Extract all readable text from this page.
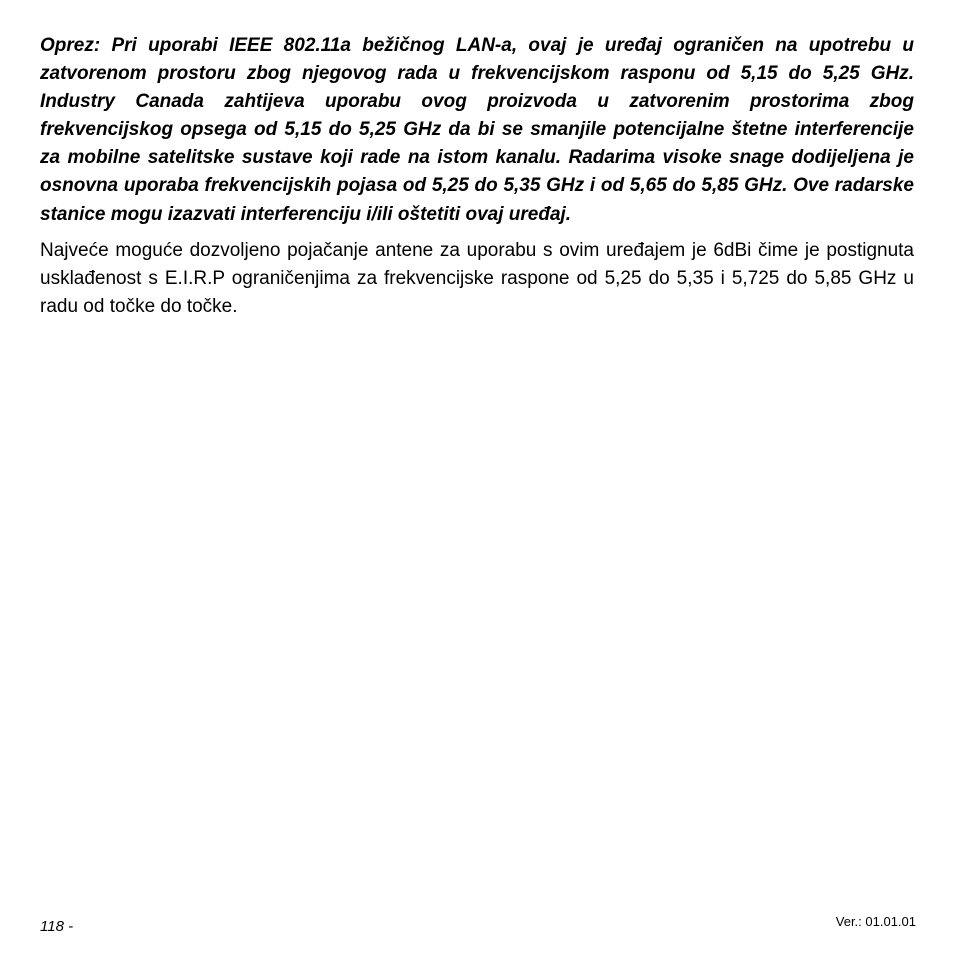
Oprez: Pri uporabi IEEE 802.11a bežičnog LAN-a, ovaj je uređaj ograničen na upotrebu u zatvorenom prostoru zbog njegovog rada u frekvencijskom rasponu od 5,15 do 5,25 GHz. Industry Canada zahtijeva uporabu ovog proizvoda u zatvorenim prostorima zbog frekvencijskog opsega od 5,15 do 5,25 GHz da bi se smanjile potencijalne štetne interferencije za mobilne satelitske sustave koji rade na istom kanalu. Radarima visoke snage dodijeljena je osnovna uporaba frekvencijskih pojasa od 5,25 do 5,35 GHz i od 5,65 do 5,85 GHz. Ove radarske stanice mogu izazvati interferenciju i/ili oštetiti ovaj uređaj.

Najveće moguće dozvoljeno pojačanje antene za uporabu s ovim uređajem je 6dBi čime je postignuta usklađenost s E.I.R.P ograničenjima za frekvencijske raspone od 5,25 do 5,35 i 5,725 do 5,85 GHz u radu od točke do točke.

118 -	Ver.: 01.01.01
